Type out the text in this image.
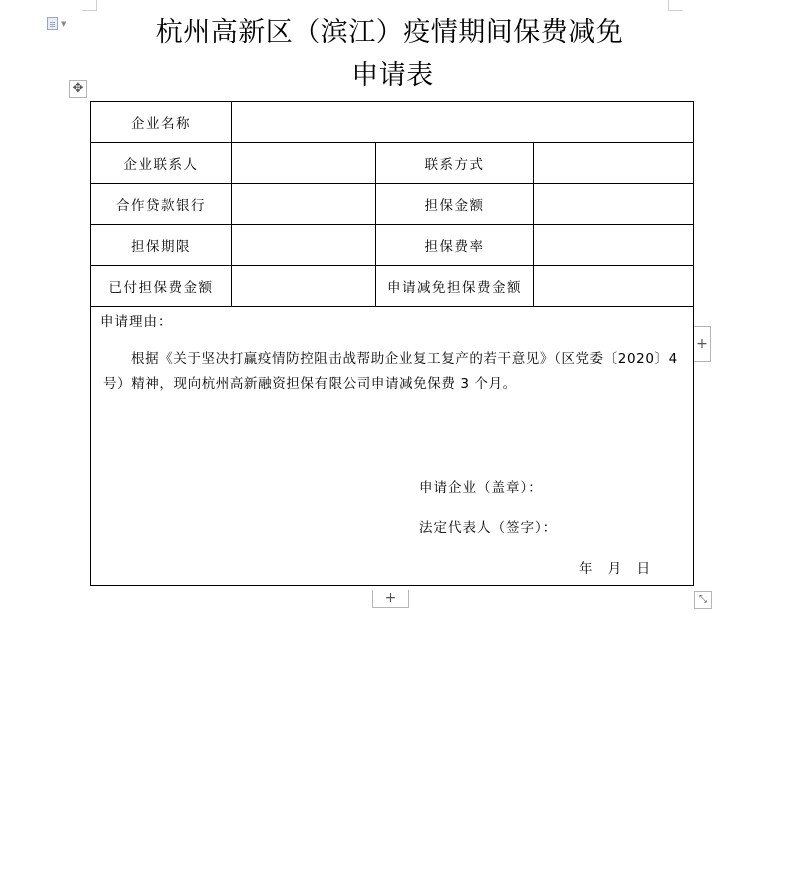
▼	杭州高新区（滨江）疫情期间保费减免
申请表
✥
企业名称			
企业联系人		联系方式	
合作贷款银行		担保金额	
担保期限		担保费率	
已付担保费金额		申请减免担保费金额	

申请理由：
根据《关于坚决打赢疫情防控阻击战帮助企业复工复产的若干意见》（区党委〔2020〕4号）精神，现向杭州高新融资担保有限公司申请减免保费 3 个月。
申请企业（盖章）：
法定代表人（签字）：
年 月 日			
+
+	⤡
